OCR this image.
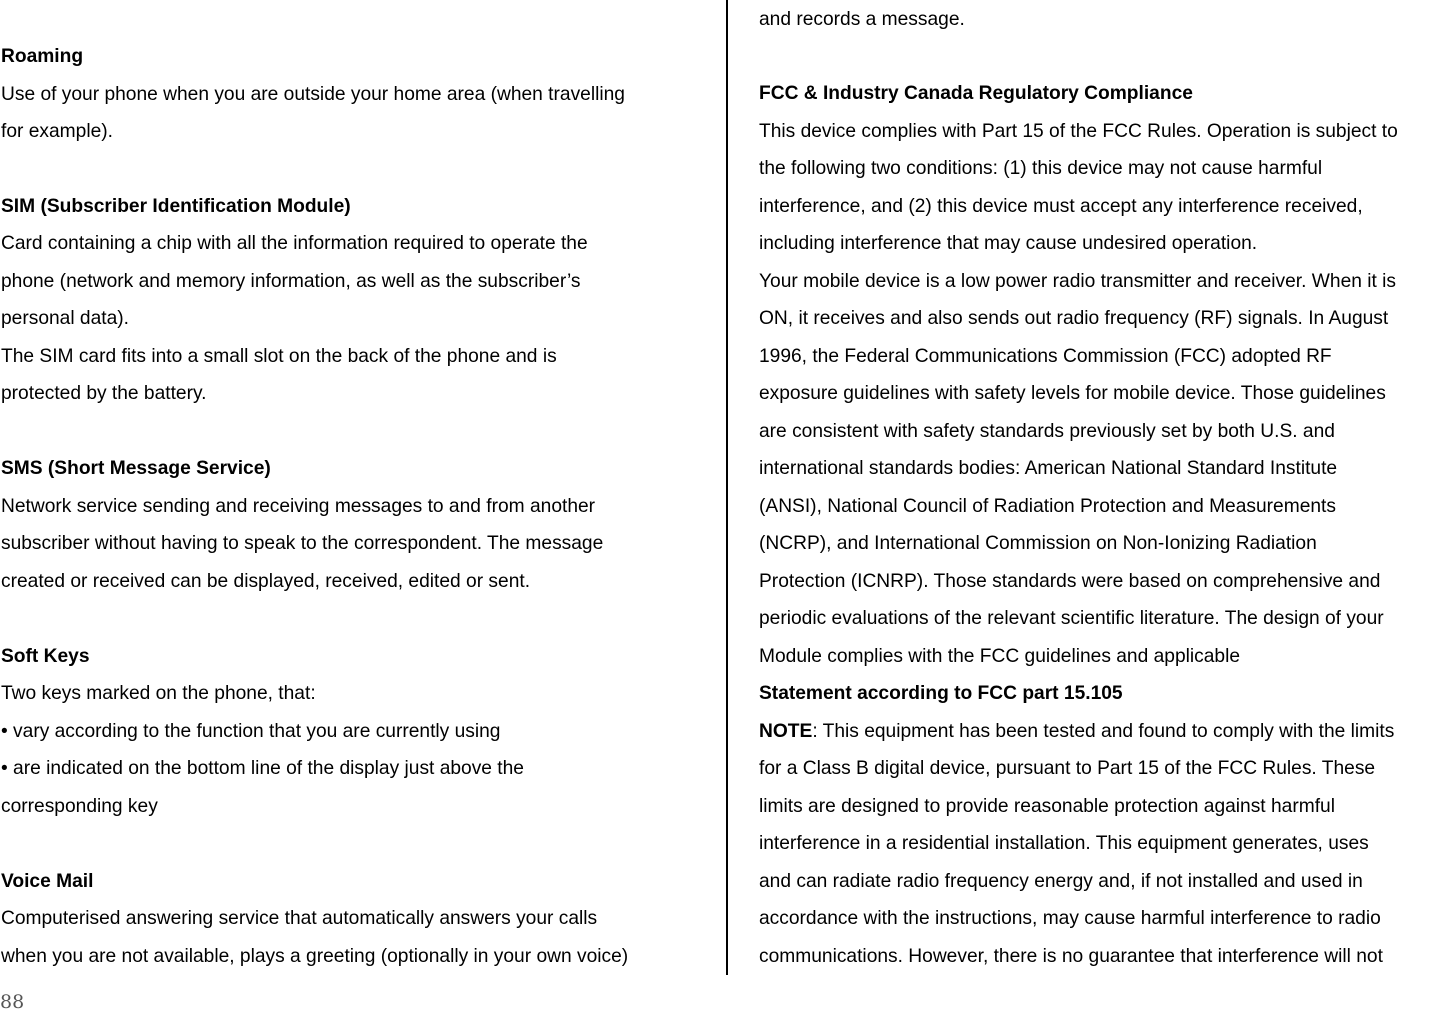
Roaming
Use of your phone when you are outside your home area (when travelling
for example).
SIM (Subscriber Identification Module)
Card containing a chip with all the information required to operate the
phone (network and memory information, as well as the subscriber’s
personal data).
The SIM card fits into a small slot on the back of the phone and is
protected by the battery.
SMS (Short Message Service)
Network service sending and receiving messages to and from another
subscriber without having to speak to the correspondent. The message
created or received can be displayed, received, edited or sent.
Soft Keys
Two keys marked on the phone, that:
• vary according to the function that you are currently using
• are indicated on the bottom line of the display just above the
corresponding key
Voice Mail
Computerised answering service that automatically answers your calls
when you are not available, plays a greeting (optionally in your own voice)
and records a message.
FCC & Industry Canada Regulatory Compliance
This device complies with Part 15 of the FCC Rules. Operation is subject to
the following two conditions: (1) this device may not cause harmful
interference, and (2) this device must accept any interference received,
including interference that may cause undesired operation.
Your mobile device is a low power radio transmitter and receiver. When it is
ON, it receives and also sends out radio frequency (RF) signals. In August
1996, the Federal Communications Commission (FCC) adopted RF
exposure guidelines with safety levels for mobile device. Those guidelines
are consistent with safety standards previously set by both U.S. and
international standards bodies: American National Standard Institute
(ANSI), National Council of Radiation Protection and Measurements
(NCRP), and International Commission on Non-Ionizing Radiation
Protection (ICNRP). Those standards were based on comprehensive and
periodic evaluations of the relevant scientific literature. The design of your
Module complies with the FCC guidelines and applicable
Statement according to FCC part 15.105
NOTE: This equipment has been tested and found to comply with the limits
for a Class B digital device, pursuant to Part 15 of the FCC Rules. These
limits are designed to provide reasonable protection against harmful
interference in a residential installation. This equipment generates, uses
and can radiate radio frequency energy and, if not installed and used in
accordance with the instructions, may cause harmful interference to radio
communications. However, there is no guarantee that interference will not
88
